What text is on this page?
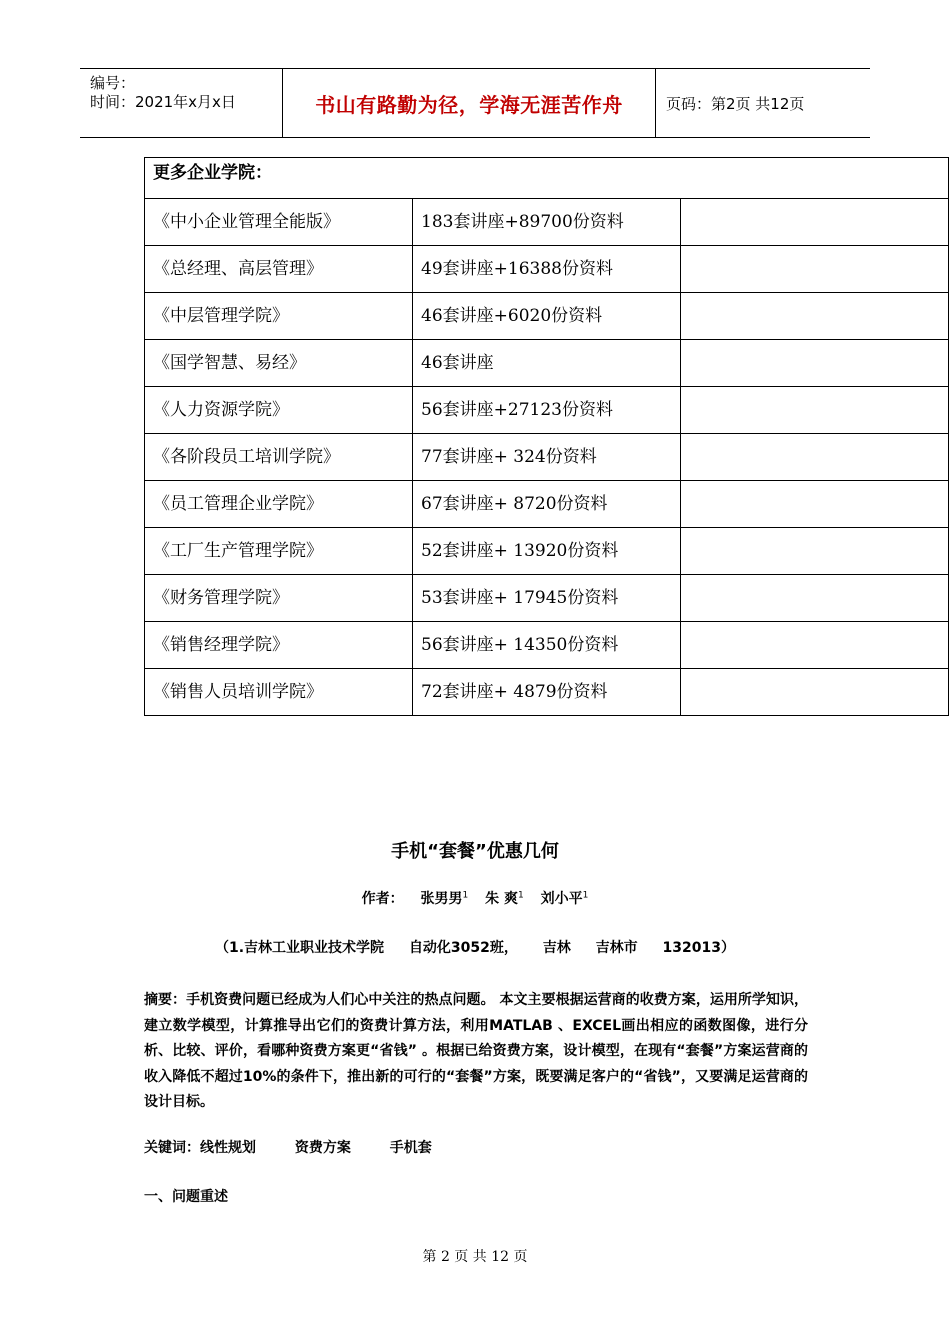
编号：
时间：2021年x月x日	书山有路勤为径，学海无涯苦作舟	页码：第2页 共12页
更多企业学院：		
《中小企业管理全能版》	183套讲座+89700份资料	
《总经理、高层管理》	49套讲座+16388份资料	
《中层管理学院》	46套讲座+6020份资料	
《国学智慧、易经》	46套讲座	
《人力资源学院》	56套讲座+27123份资料	
《各阶段员工培训学院》	77套讲座+ 324份资料	
《员工管理企业学院》	67套讲座+ 8720份资料	
《工厂生产管理学院》	52套讲座+ 13920份资料	
《财务管理学院》	53套讲座+ 17945份资料	
《销售经理学院》	56套讲座+ 14350份资料	
《销售人员培训学院》	72套讲座+ 4879份资料	
手机“套餐”优惠几何
作者： 张男男$^1$ 朱 爽$^1$ 刘小平$^1$
（1.吉林工业职业技术学院 自动化3052班， 吉林 吉林市 132013）
摘要：手机资费问题已经成为人们心中关注的热点问题。 本文主要根据运营商的收费方案，运用所学知识，建立数学模型，计算推导出它们的资费计算方法，利用MATLAB 、EXCEL画出相应的函数图像，进行分析、比较、评价，看哪种资费方案更“省钱” 。根据已给资费方案，设计模型，在现有“套餐”方案运营商的收入降低不超过10%的条件下，推出新的可行的“套餐”方案，既要满足客户的“省钱”，又要满足运营商的设计目标。
关键词：线性规划	资费方案	手机套
一、问题重述
第 2 页 共 12 页
